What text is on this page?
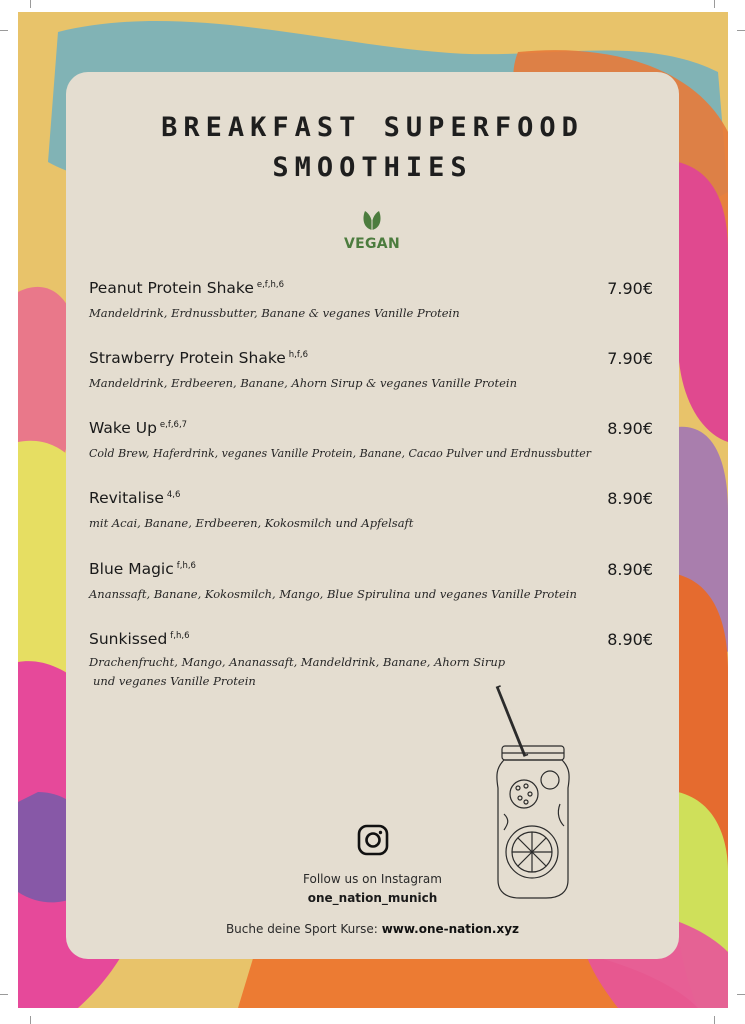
BREAKFAST SUPERFOOD
SMOOTHIES
VEGAN
Peanut Protein Shake $^{e,f,h,6}$	7.90€
Mandeldrink, Erdnussbutter, Banane & veganes Vanille Protein
Strawberry Protein Shake $^{h,f,6}$	7.90€
Mandeldrink, Erdbeeren, Banane, Ahorn Sirup & veganes Vanille Protein
Wake Up $^{e,f,6,7}$	8.90€
Cold Brew, Haferdrink, veganes Vanille Protein, Banane, Cacao Pulver und Erdnussbutter
Revitalise $^{4,6}$	8.90€
mit Acai, Banane, Erdbeeren, Kokosmilch und Apfelsaft
Blue Magic $^{f,h,6}$	8.90€
Ananssaft, Banane, Kokosmilch, Mango, Blue Spirulina und veganes Vanille Protein
Sunkissed $^{f,h,6}$	8.90€
Drachenfrucht, Mango, Ananassaft, Mandeldrink, Banane, Ahorn Sirup
und veganes Vanille Protein
Follow us on Instagram
one_nation_munich
Buche deine Sport Kurse: www.one-nation.xyz
